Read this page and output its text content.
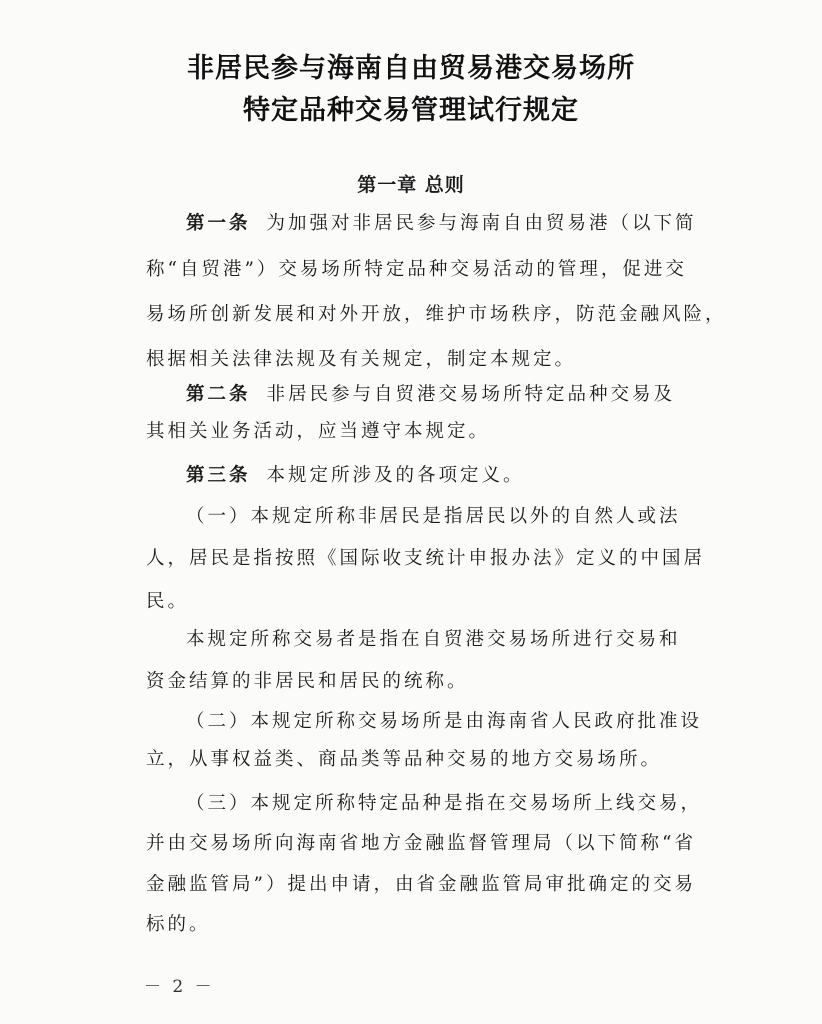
非居民参与海南自由贸易港交易场所
特定品种交易管理试行规定
第一章 总则
第一条 为加强对非居民参与海南自由贸易港（以下简
称“自贸港”）交易场所特定品种交易活动的管理，促进交
易场所创新发展和对外开放，维护市场秩序，防范金融风险，
根据相关法律法规及有关规定，制定本规定。
第二条 非居民参与自贸港交易场所特定品种交易及
其相关业务活动，应当遵守本规定。
第三条 本规定所涉及的各项定义。
（一）本规定所称非居民是指居民以外的自然人或法
人，居民是指按照《国际收支统计申报办法》定义的中国居
民。
本规定所称交易者是指在自贸港交易场所进行交易和
资金结算的非居民和居民的统称。
（二）本规定所称交易场所是由海南省人民政府批准设
立，从事权益类、商品类等品种交易的地方交易场所。
（三）本规定所称特定品种是指在交易场所上线交易，
并由交易场所向海南省地方金融监督管理局（以下简称“省
金融监管局”）提出申请，由省金融监管局审批确定的交易
标的。
－ 2 －
